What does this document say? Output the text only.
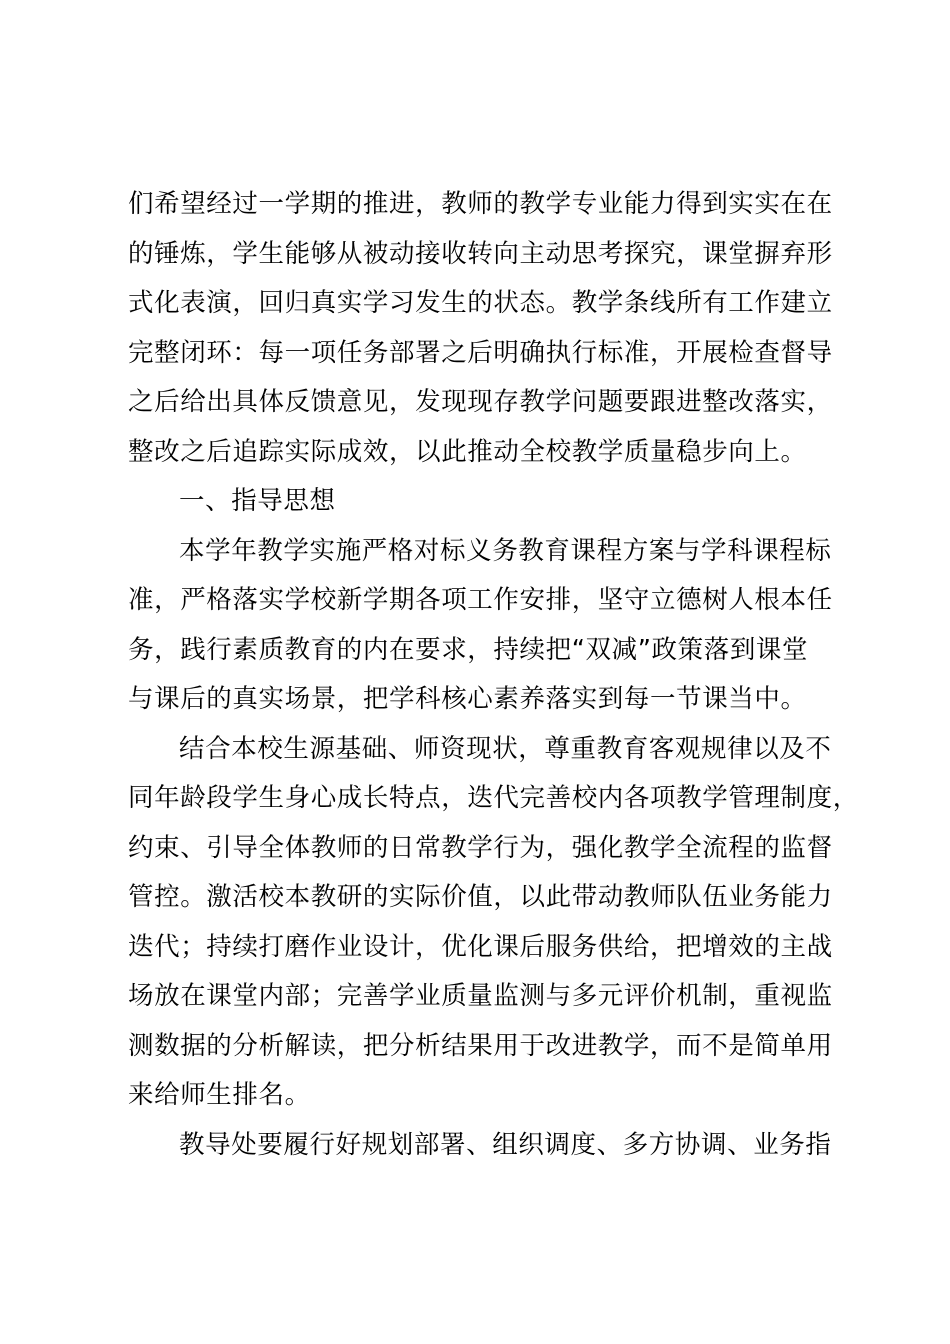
们希望经过一学期的推进，教师的教学专业能力得到实实在在
的锤炼，学生能够从被动接收转向主动思考探究，课堂摒弃形
式化表演，回归真实学习发生的状态。教学条线所有工作建立
完整闭环：每一项任务部署之后明确执行标准，开展检查督导
之后给出具体反馈意见，发现现存教学问题要跟进整改落实，
整改之后追踪实际成效，以此推动全校教学质量稳步向上。
一、指导思想
本学年教学实施严格对标义务教育课程方案与学科课程标
准，严格落实学校新学期各项工作安排，坚守立德树人根本任
务，践行素质教育的内在要求，持续把“双减”政策落到课堂
与课后的真实场景，把学科核心素养落实到每一节课当中。
结合本校生源基础、师资现状，尊重教育客观规律以及不
同年龄段学生身心成长特点，迭代完善校内各项教学管理制度，
约束、引导全体教师的日常教学行为，强化教学全流程的监督
管控。激活校本教研的实际价值，以此带动教师队伍业务能力
迭代；持续打磨作业设计，优化课后服务供给，把增效的主战
场放在课堂内部；完善学业质量监测与多元评价机制，重视监
测数据的分析解读，把分析结果用于改进教学，而不是简单用
来给师生排名。
教导处要履行好规划部署、组织调度、多方协调、业务指
